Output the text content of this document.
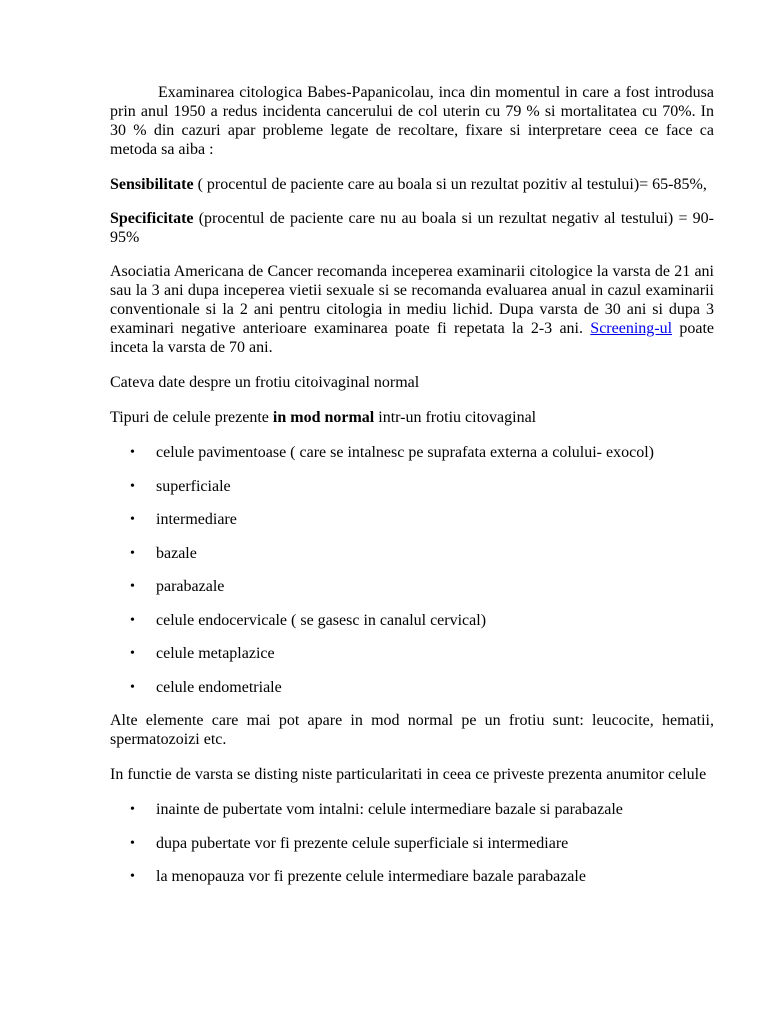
Examinarea citologica Babes-Papanicolau, inca din momentul in care a fost introdusa prin anul 1950 a redus incidenta cancerului de col uterin cu 79 % si mortalitatea cu 70%. In 30 % din cazuri apar probleme legate de recoltare, fixare si interpretare ceea ce face ca metoda sa aiba :

Sensibilitate ( procentul de paciente care au boala si un rezultat pozitiv al testului)= 65-85%,

Specificitate (procentul de paciente care nu au boala si un rezultat negativ al testului) = 90-95%

Asociatia Americana de Cancer recomanda inceperea examinarii citologice la varsta de 21 ani sau la 3 ani dupa inceperea vietii sexuale si se recomanda evaluarea anual in cazul examinarii conventionale si la 2 ani pentru citologia in mediu lichid. Dupa varsta de 30 ani si dupa 3 examinari negative anterioare examinarea poate fi repetata la 2-3 ani. Screening-ul poate inceta la varsta de 70 ani.

Cateva date despre un frotiu citoivaginal normal

Tipuri de celule prezente in mod normal intr-un frotiu citovaginal

• celule pavimentoase ( care se intalnesc pe suprafata externa a colului- exocol)
• superficiale
• intermediare
• bazale
• parabazale
• celule endocervicale ( se gasesc in canalul cervical)
• celule metaplazice
• celule endometriale

Alte elemente care mai pot apare in mod normal pe un frotiu sunt: leucocite, hematii, spermatozoizi etc.

In functie de varsta se disting niste particularitati in ceea ce priveste prezenta anumitor celule

• inainte de pubertate vom intalni: celule intermediare bazale si parabazale
• dupa pubertate vor fi prezente celule superficiale si intermediare
• la menopauza vor fi prezente celule intermediare bazale parabazale
